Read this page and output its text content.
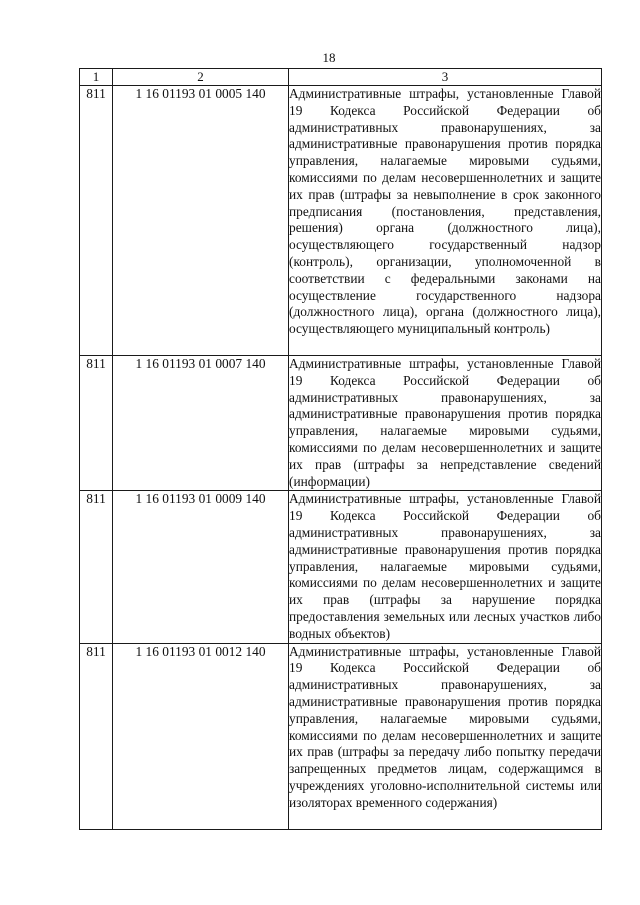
18
1	2	3
811	1 16 01193 01 0005 140	Административные штрафы, установленные Главой 19 Кодекса Российской Федерации об административных правонарушениях, за административные правонарушения против порядка управления, налагаемые мировыми судьями, комиссиями по делам несовершеннолетних и защите их прав (штрафы за невыполнение в срок законного предписания (постановления, представления, решения) органа (должностного лица), осуществляющего государственный надзор (контроль), организации, уполномоченной в соответствии с федеральными законами на осуществление государственного надзора (должностного лица), органа (должностного лица), осуществляющего муниципальный контроль)
811	1 16 01193 01 0007 140	Административные штрафы, установленные Главой 19 Кодекса Российской Федерации об административных правонарушениях, за административные правонарушения против порядка управления, налагаемые мировыми судьями, комиссиями по делам несовершеннолетних и защите их прав (штрафы за непредставление сведений (информации)
811	1 16 01193 01 0009 140	Административные штрафы, установленные Главой 19 Кодекса Российской Федерации об административных правонарушениях, за административные правонарушения против порядка управления, налагаемые мировыми судьями, комиссиями по делам несовершеннолетних и защите их прав (штрафы за нарушение порядка предоставления земельных или лесных участков либо водных объектов)
811	1 16 01193 01 0012 140	Административные штрафы, установленные Главой 19 Кодекса Российской Федерации об административных правонарушениях, за административные правонарушения против порядка управления, налагаемые мировыми судьями, комиссиями по делам несовершеннолетних и защите их прав (штрафы за передачу либо попытку передачи запрещенных предметов лицам, содержащимся в учреждениях уголовно-исполнительной системы или изоляторах временного содержания)
